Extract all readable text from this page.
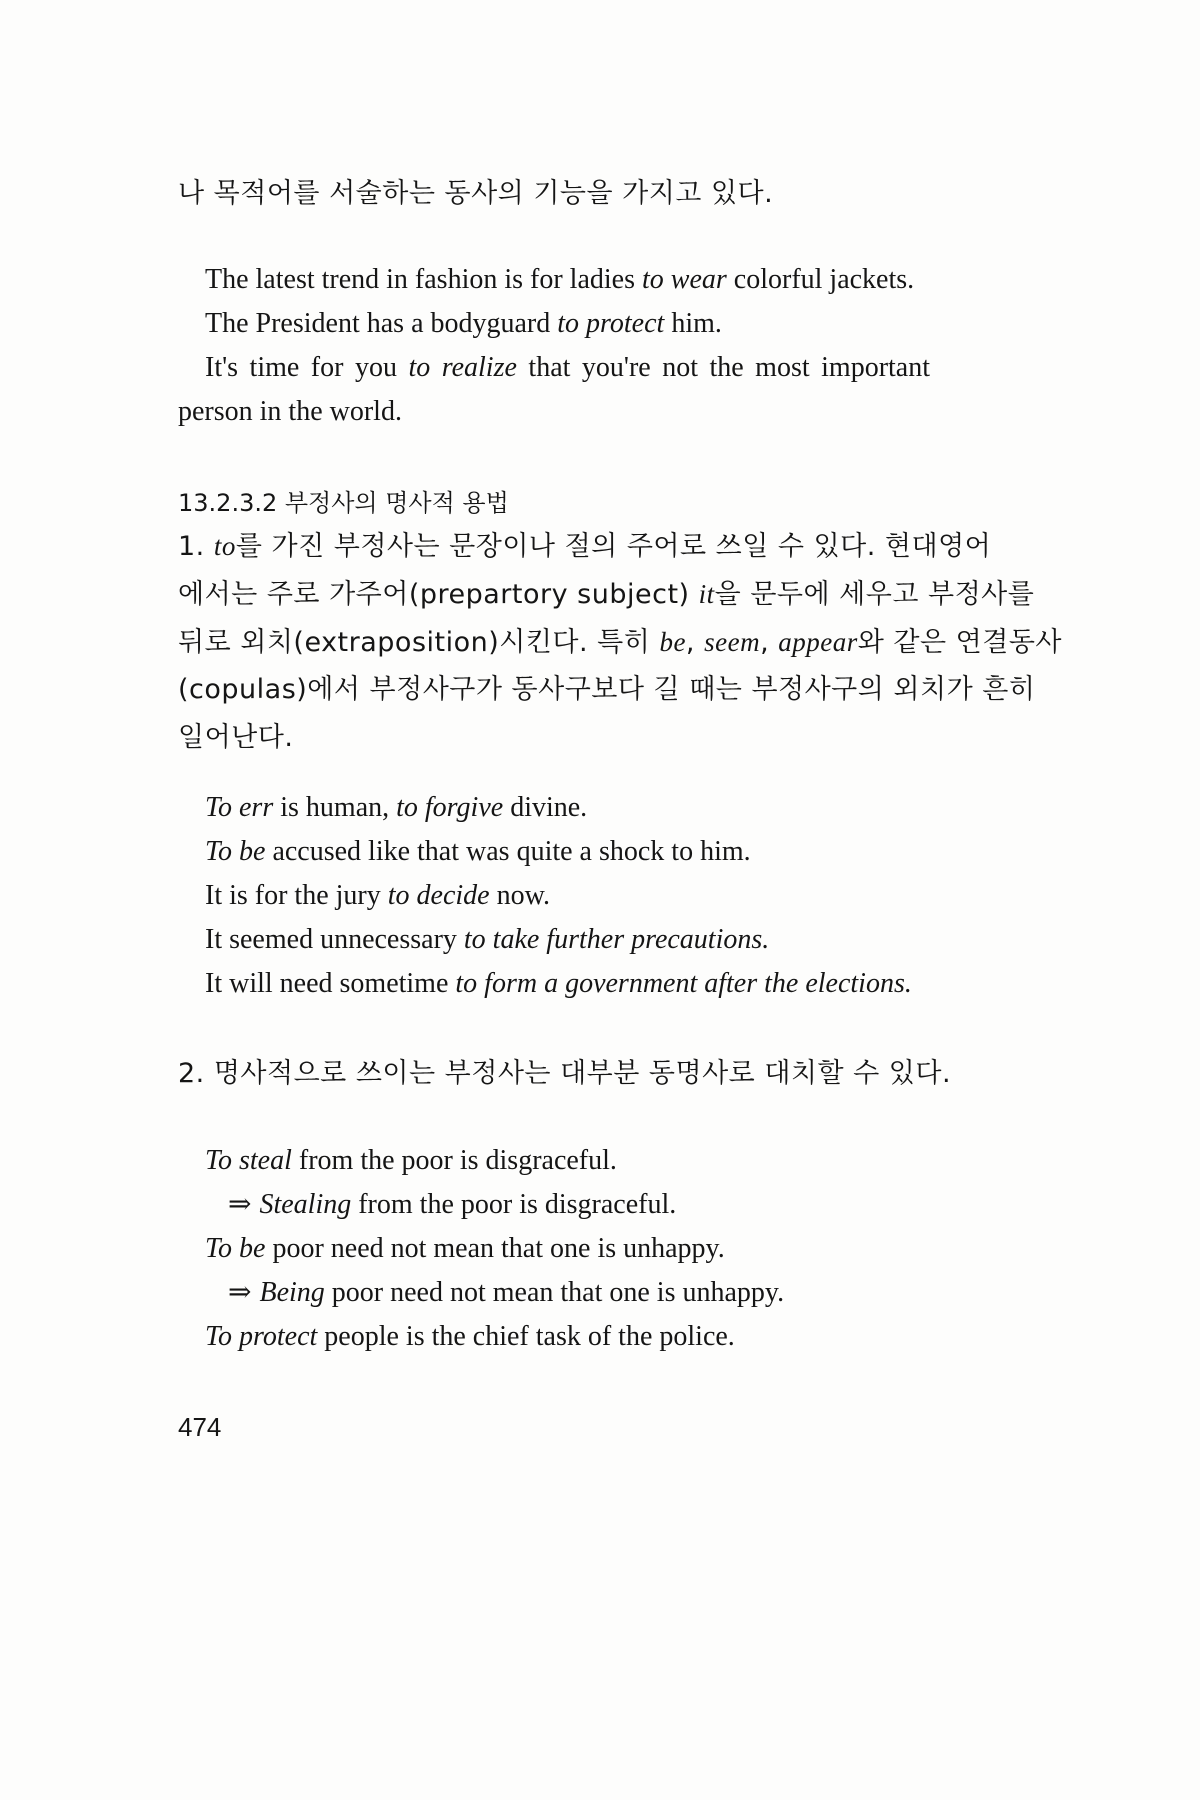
나 목적어를 서술하는 동사의 기능을 가지고 있다.
The latest trend in fashion is for ladies to wear colorful jackets.
The President has a bodyguard to protect him.
It's time for you to realize that you're not the most important
person in the world.
13.2.3.2 부정사의 명사적 용법
1. to를 가진 부정사는 문장이나 절의 주어로 쓰일 수 있다. 현대영어
에서는 주로 가주어(prepartory subject) it을 문두에 세우고 부정사를
뒤로 외치(extraposition)시킨다. 특히 be, seem, appear와 같은 연결동사
(copulas)에서 부정사구가 동사구보다 길 때는 부정사구의 외치가 흔히
일어난다.
To err is human, to forgive divine.
To be accused like that was quite a shock to him.
It is for the jury to decide now.
It seemed unnecessary to take further precautions.
It will need sometime to form a government after the elections.
2. 명사적으로 쓰이는 부정사는 대부분 동명사로 대치할 수 있다.
To steal from the poor is disgraceful.
⇒ Stealing from the poor is disgraceful.
To be poor need not mean that one is unhappy.
⇒ Being poor need not mean that one is unhappy.
To protect people is the chief task of the police.
474
